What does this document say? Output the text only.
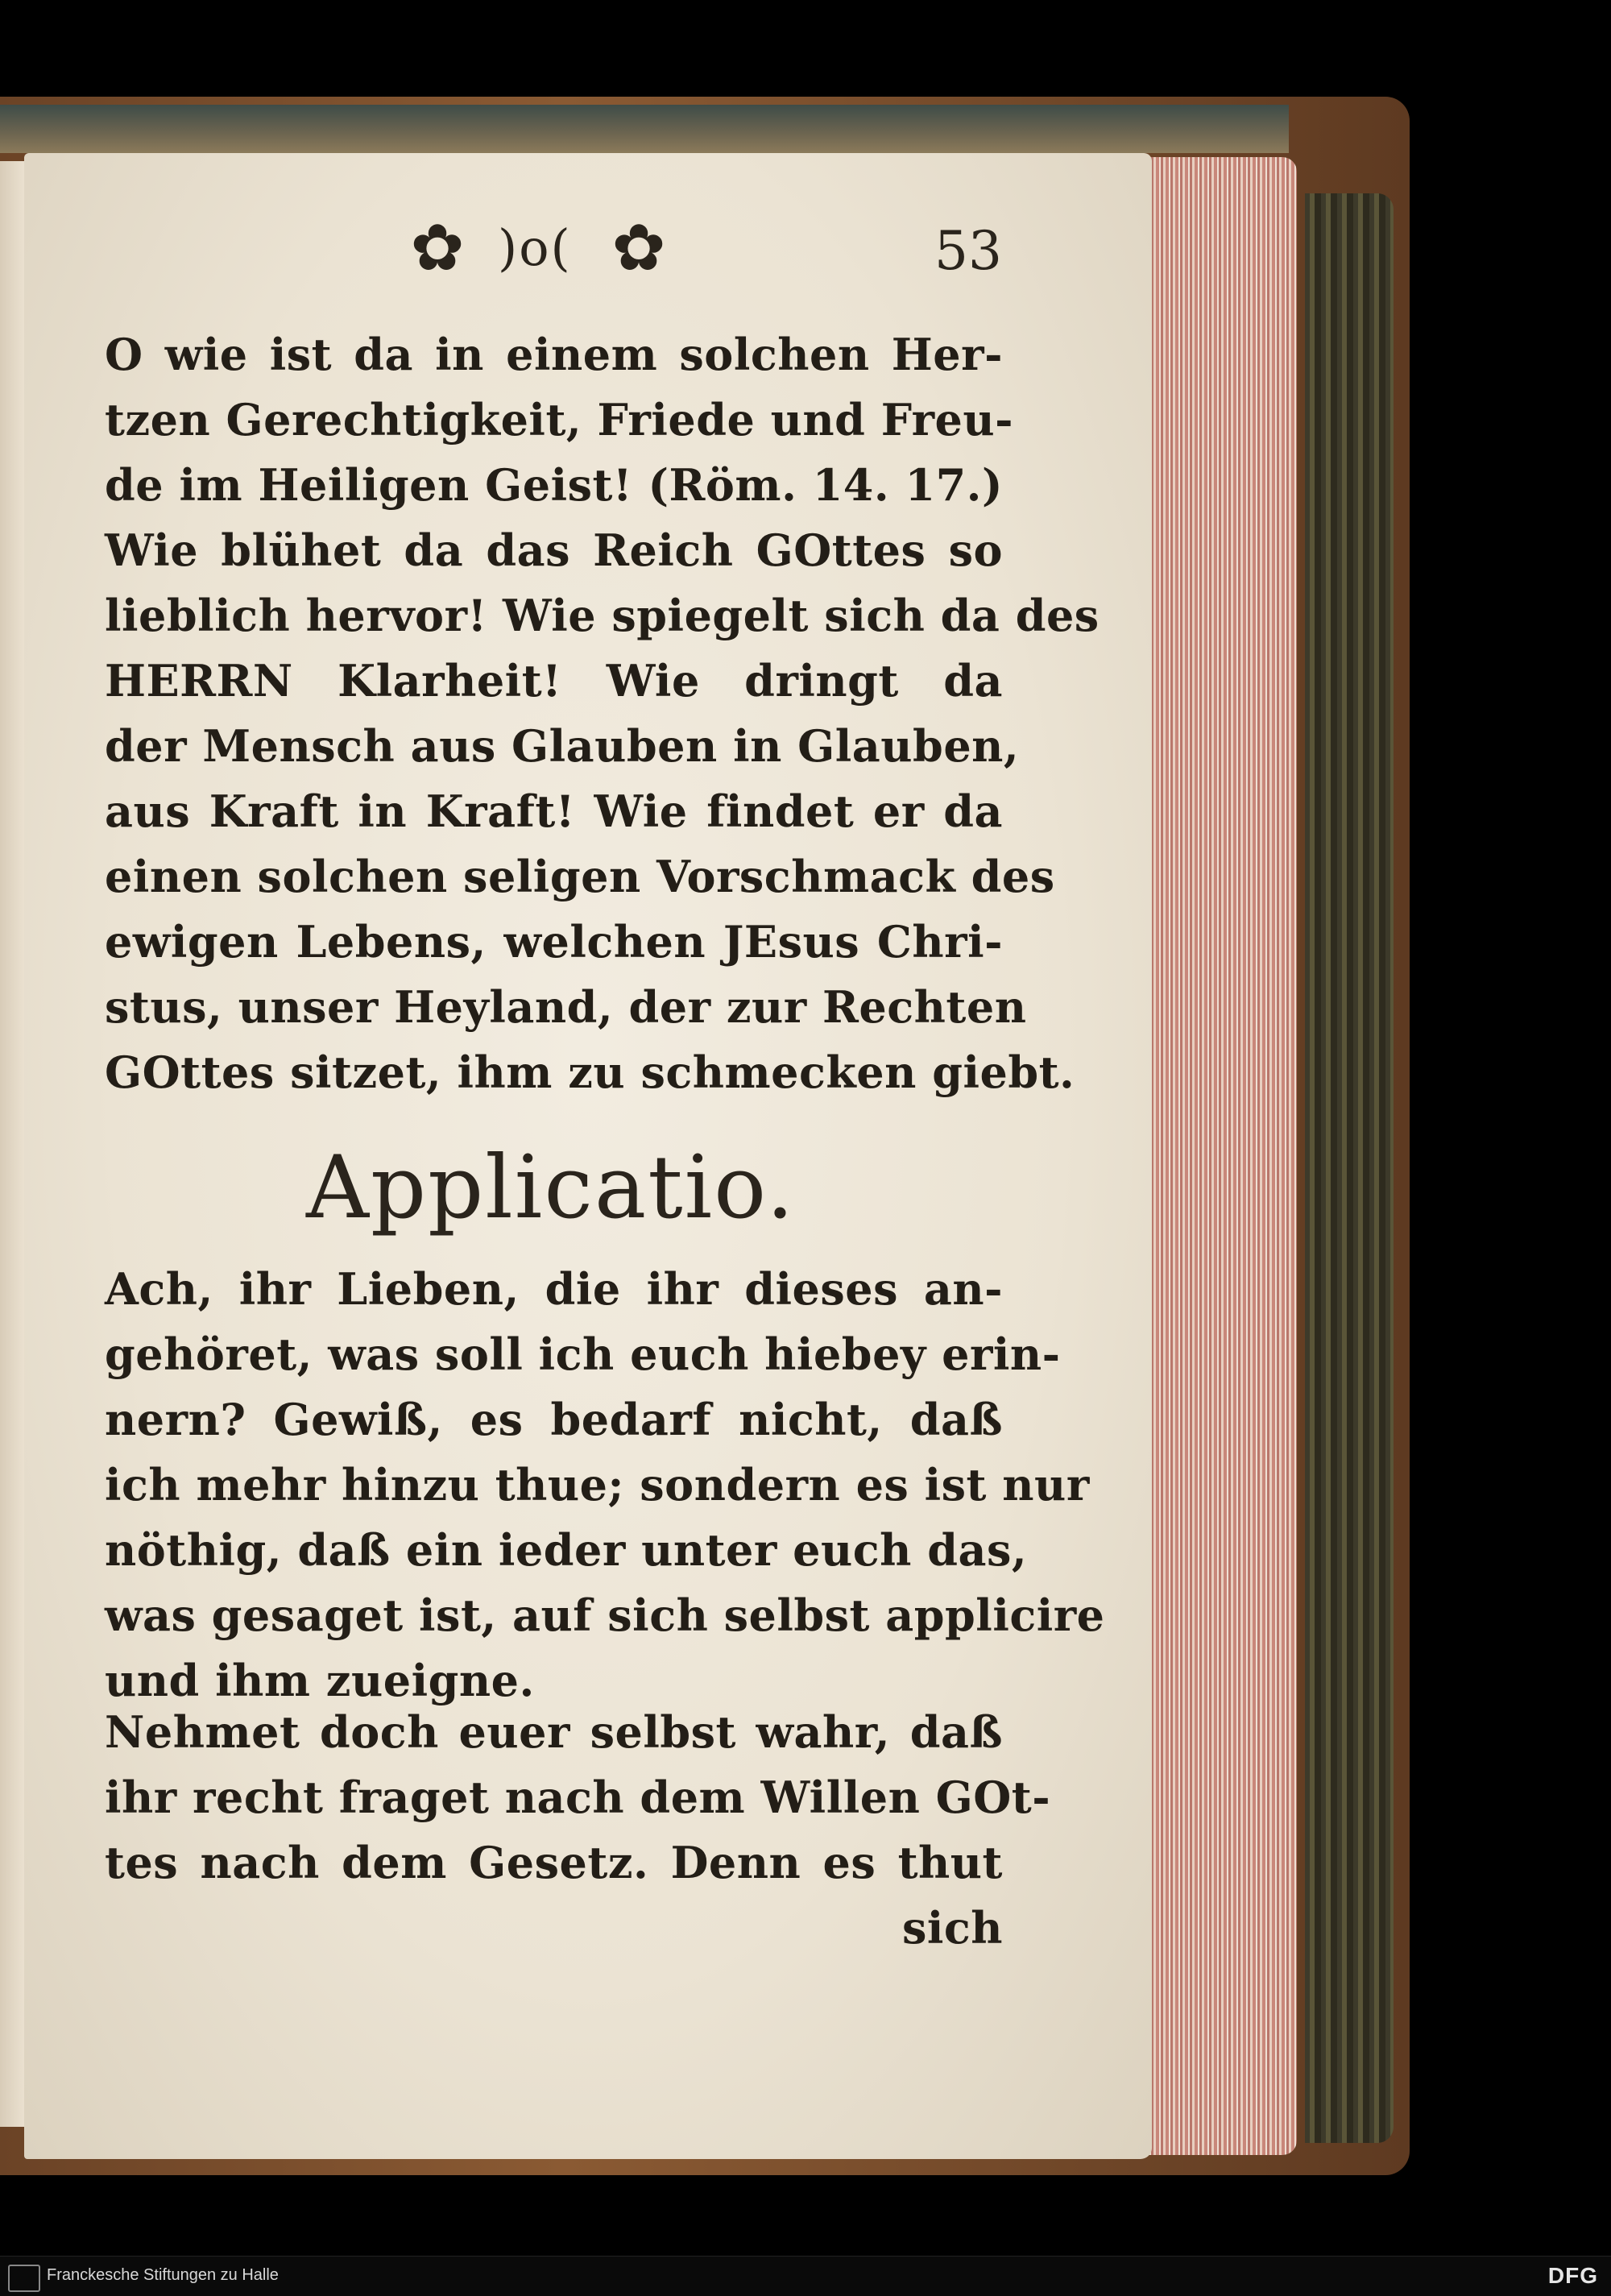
✿ )o( ✿	53
O wie ist da in einem solchen Her-
tzen Gerechtigkeit, Friede und Freu-
de im Heiligen Geist! (Röm. 14. 17.)
Wie blühet da das Reich GOttes so
lieblich hervor! Wie spiegelt sich da des
HERRN Klarheit! Wie dringt da
der Mensch aus Glauben in Glauben,
aus Kraft in Kraft! Wie findet er da
einen solchen seligen Vorschmack des
ewigen Lebens, welchen JEsus Chri-
stus, unser Heyland, der zur Rechten
GOttes sitzet, ihm zu schmecken giebt.
Applicatio.
Ach, ihr Lieben, die ihr dieses an-
gehöret, was soll ich euch hiebey erin-
nern? Gewiß, es bedarf nicht, daß
ich mehr hinzu thue; sondern es ist nur
nöthig, daß ein ieder unter euch das,
was gesaget ist, auf sich selbst applicire
und ihm zueigne.
Nehmet doch euer selbst wahr, daß
ihr recht fraget nach dem Willen GOt-
tes nach dem Gesetz. Denn es thut
sich
Franckesche Stiftungen zu Halle	DFG
